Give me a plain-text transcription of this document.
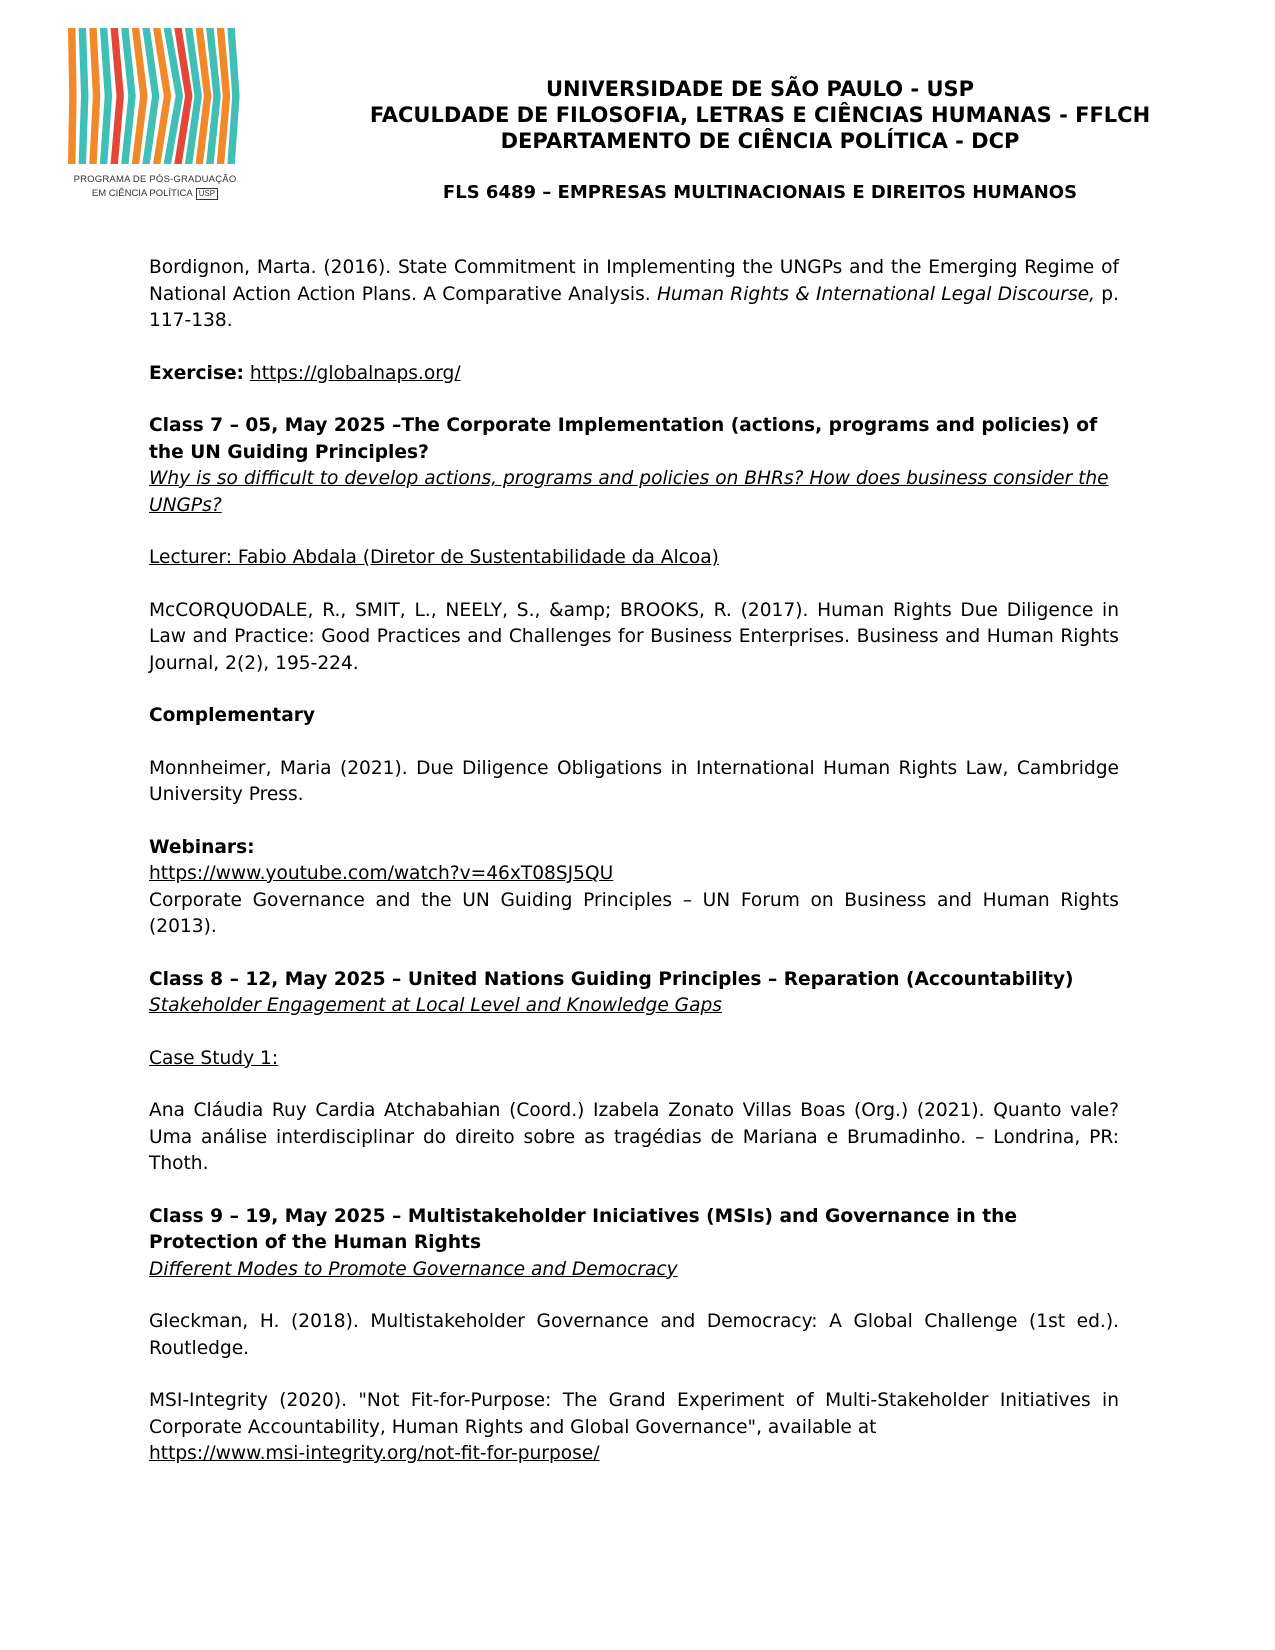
PROGRAMA DE PÓS-GRADUAÇÃO
EM CIÊNCIA POLÍTICA USP
UNIVERSIDADE DE SÃO PAULO - USP
FACULDADE DE FILOSOFIA, LETRAS E CIÊNCIAS HUMANAS - FFLCH
DEPARTAMENTO DE CIÊNCIA POLÍTICA - DCP
FLS 6489 – EMPRESAS MULTINACIONAIS E DIREITOS HUMANOS

Bordignon, Marta. (2016). State Commitment in Implementing the UNGPs and the Emerging Regime of National Action Action Plans. A Comparative Analysis. Human Rights & International Legal Discourse, p. 117-138.

Exercise: https://globalnaps.org/

Class 7 – 05, May 2025 –The Corporate Implementation (actions, programs and policies) of the UN Guiding Principles?

Why is so difficult to develop actions, programs and policies on BHRs? How does business consider the UNGPs?

Lecturer: Fabio Abdala (Diretor de Sustentabilidade da Alcoa)

McCORQUODALE, R., SMIT, L., NEELY, S., &amp; BROOKS, R. (2017). Human Rights Due Diligence in Law and Practice: Good Practices and Challenges for Business Enterprises. Business and Human Rights Journal, 2(2), 195-224.

Complementary

Monnheimer, Maria (2021). Due Diligence Obligations in International Human Rights Law, Cambridge University Press.

Webinars:

https://www.youtube.com/watch?v=46xT08SJ5QU

Corporate Governance and the UN Guiding Principles – UN Forum on Business and Human Rights (2013).

Class 8 – 12, May 2025 – United Nations Guiding Principles – Reparation (Accountability)

Stakeholder Engagement at Local Level and Knowledge Gaps

Case Study 1:

Ana Cláudia Ruy Cardia Atchabahian (Coord.) Izabela Zonato Villas Boas (Org.) (2021). Quanto vale? Uma análise interdisciplinar do direito sobre as tragédias de Mariana e Brumadinho. – Londrina, PR: Thoth.

Class 9 – 19, May 2025 – Multistakeholder Iniciatives (MSIs) and Governance in the Protection of the Human Rights

Different Modes to Promote Governance and Democracy

Gleckman, H. (2018). Multistakeholder Governance and Democracy: A Global Challenge (1st ed.). Routledge.

MSI-Integrity (2020). "Not Fit-for-Purpose: The Grand Experiment of Multi-Stakeholder Initiatives in Corporate Accountability, Human Rights and Global Governance", available at

https://www.msi-integrity.org/not-fit-for-purpose/
